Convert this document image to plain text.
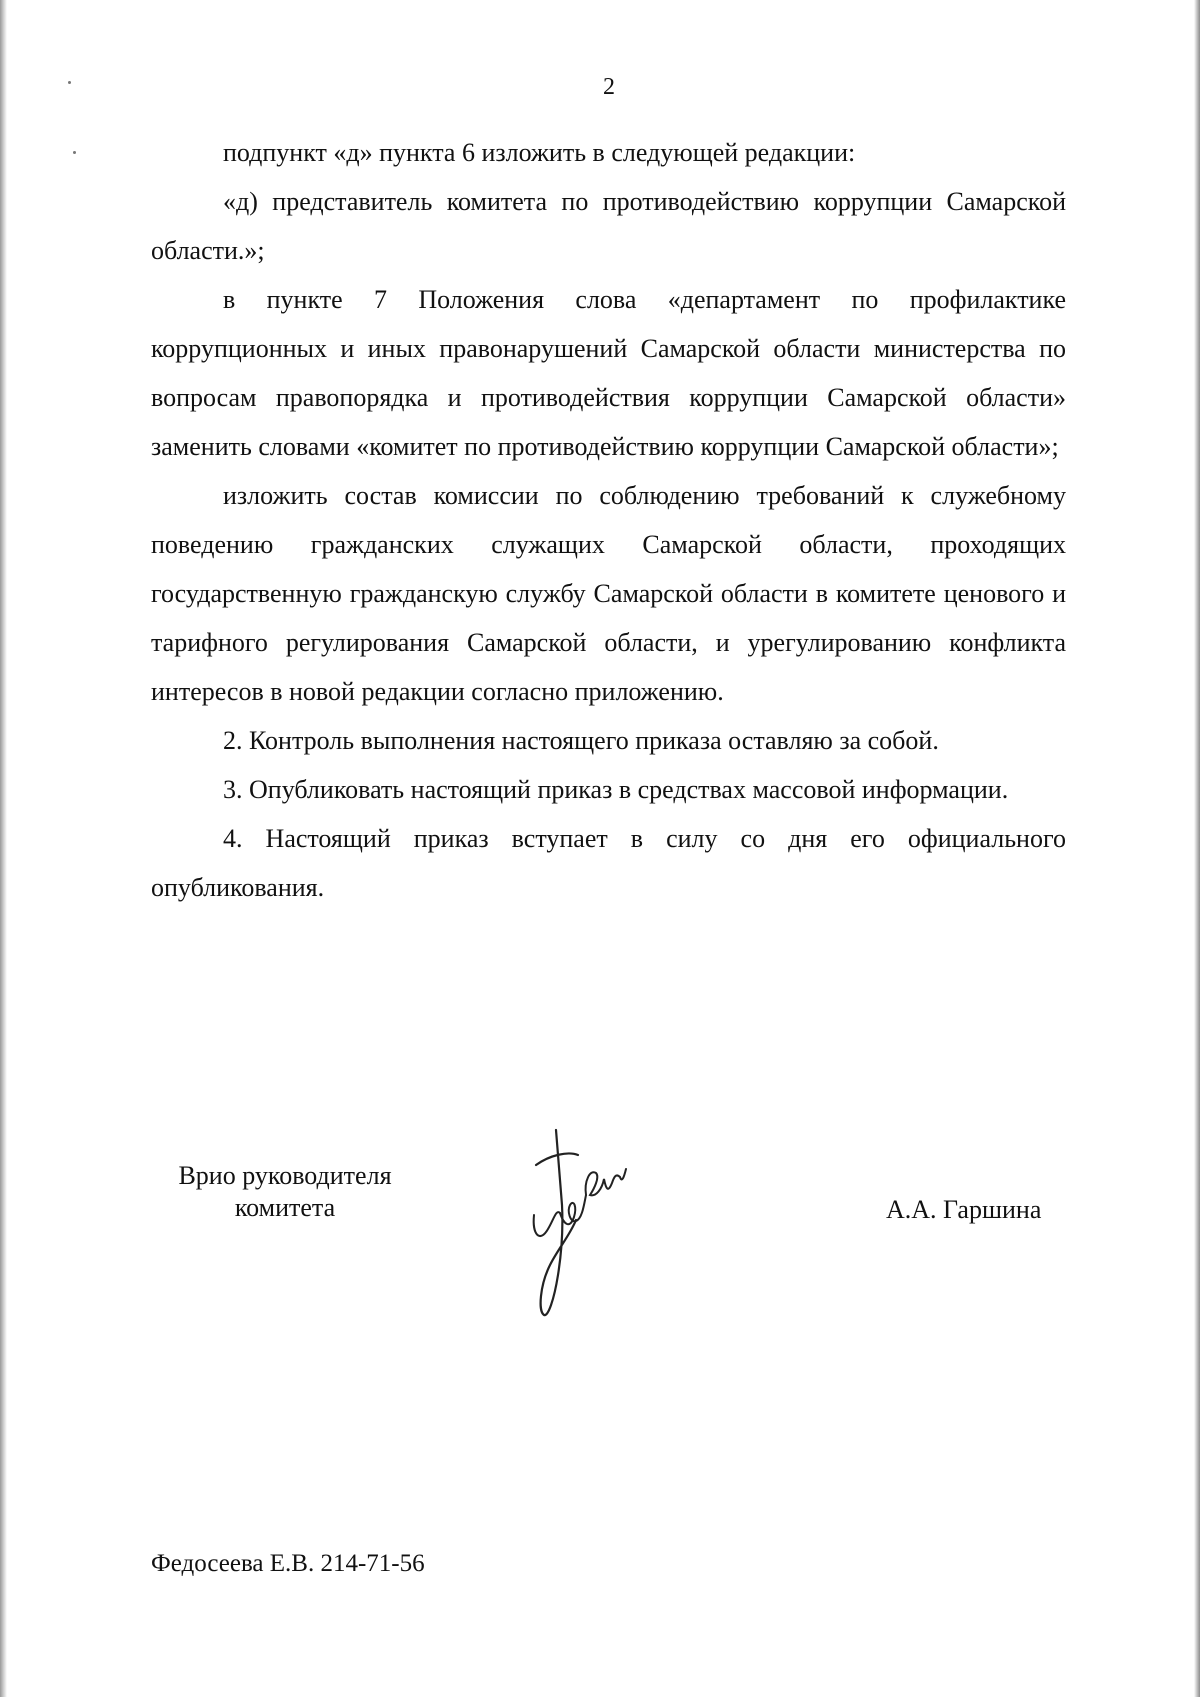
2

подпункт «д» пункта 6 изложить в следующей редакции:

«д) представитель комитета по противодействию коррупции Самарской области.»;

в пункте 7 Положения слова «департамент по профилактике коррупционных и иных правонарушений Самарской области министерства по вопросам правопорядка и противодействия коррупции Самарской области» заменить словами «комитет по противодействию коррупции Самарской области»;

изложить состав комиссии по соблюдению требований к служебному поведению гражданских служащих Самарской области, проходящих государственную гражданскую службу Самарской области в комитете ценового и тарифного регулирования Самарской области, и урегулированию конфликта интересов в новой редакции согласно приложению.

2. Контроль выполнения настоящего приказа оставляю за собой.

3. Опубликовать настоящий приказ в средствах массовой информации.

4. Настоящий приказ вступает в силу со дня его официального опубликования.

Врио руководителя
комитета	А.А. Гаршина
Федосеева Е.В. 214-71-56
